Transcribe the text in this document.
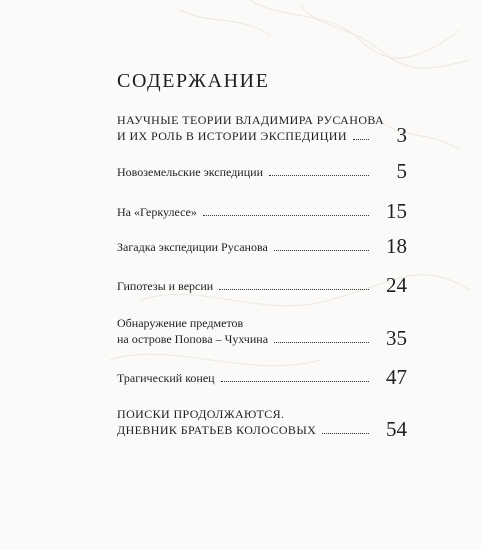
СОДЕРЖАНИЕ
НАУЧНЫЕ ТЕОРИИ ВЛАДИМИРА РУСАНОВА
И ИХ РОЛЬ В ИСТОРИИ ЭКСПЕДИЦИИ 3
Новоземельские экспедиции	5
На «Геркулесе»	15
Загадка экспедиции Русанова	18
Гипотезы и версии	24
Обнаружение предметов
на острове Попова – Чухчина	35
Трагический конец	47
ПОИСКИ ПРОДОЛЖАЮТСЯ.
ДНЕВНИК БРАТЬЕВ КОЛОСОВЫХ	54
